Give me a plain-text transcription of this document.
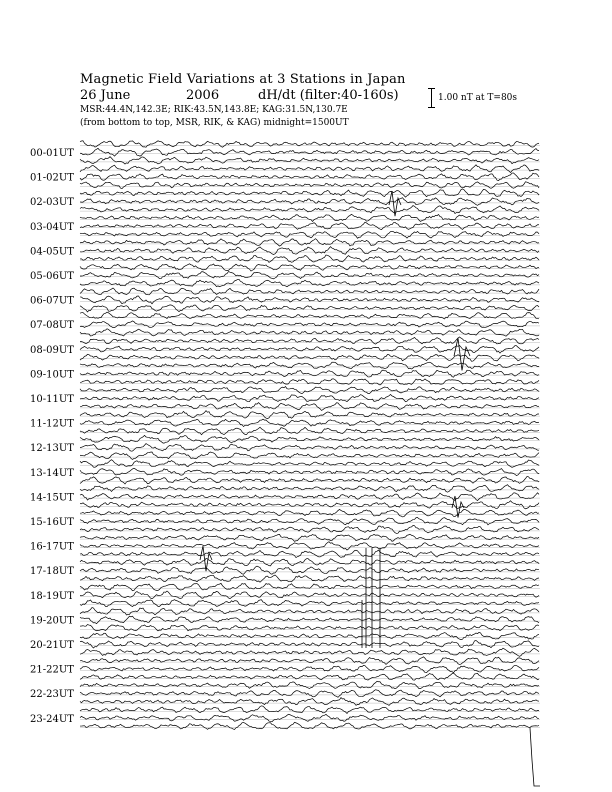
Magnetic Field Variations at 3 Stations in Japan
26 June	2006	dH/dt (filter:40-160s)
MSR:44.4N,142.3E; RIK:43.5N,143.8E; KAG:31.5N,130.7E
(from bottom to top, MSR, RIK, & KAG) midnight=1500UT
1.00 nT at T=80s
00-01UT
01-02UT
02-03UT
03-04UT
04-05UT
05-06UT
06-07UT
07-08UT
08-09UT
09-10UT
10-11UT
11-12UT
12-13UT
13-14UT
14-15UT
15-16UT
16-17UT
17-18UT
18-19UT
19-20UT
20-21UT
21-22UT
22-23UT
23-24UT
